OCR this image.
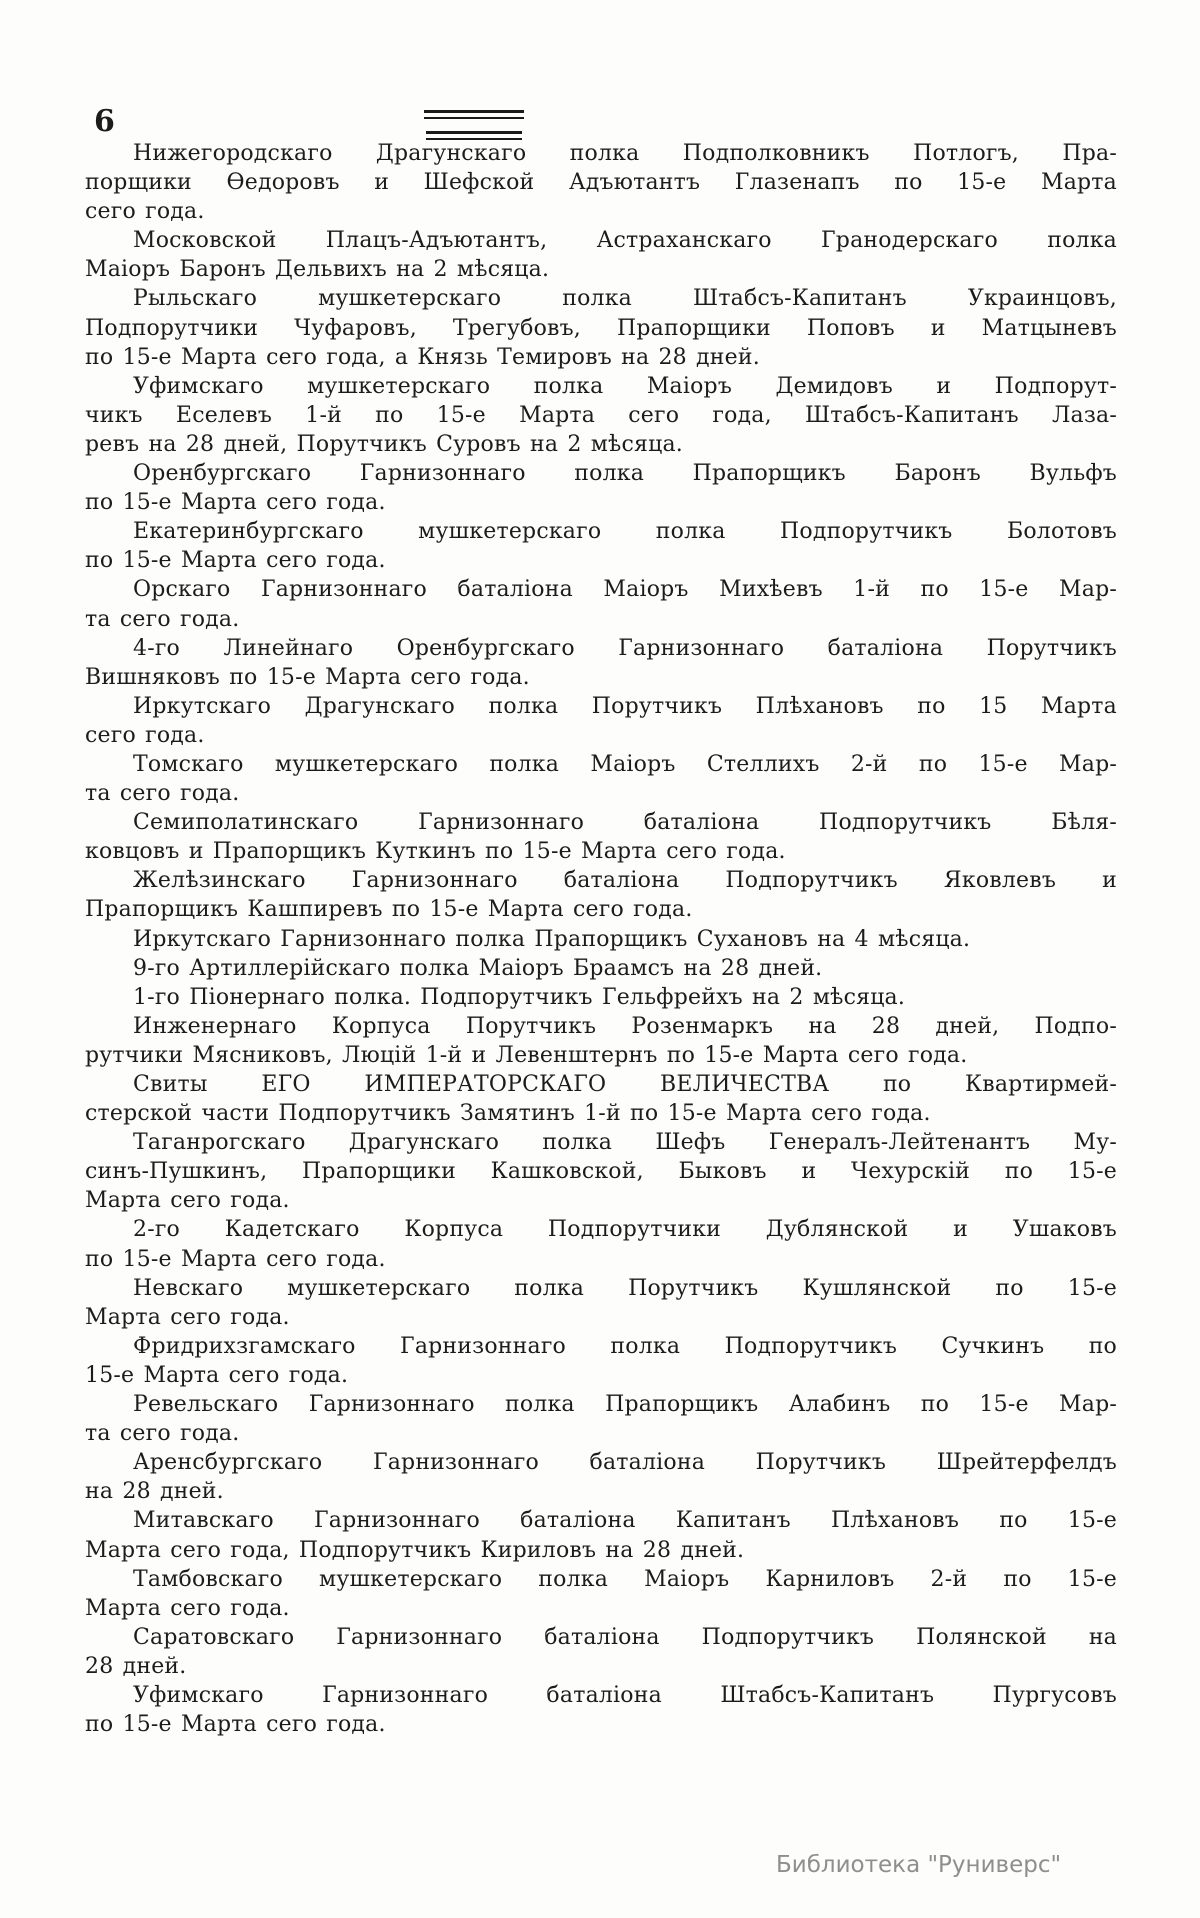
6
Нижегородскаго Драгунскаго полка Подполковникъ Потлогъ, Пра-
порщики Ѳедоровъ и Шефской Адъютантъ Глазенапъ по 15-е Марта
сего года.
Московской Плацъ-Адъютантъ, Астраханскаго Гранодерскаго полка
Маіоръ Баронъ Дельвихъ на 2 мѣсяца.
Рыльскаго мушкетерскаго полка Штабсъ-Капитанъ Украинцовъ,
Подпорутчики Чуфаровъ, Трегубовъ, Прапорщики Поповъ и Матцыневъ
по 15-е Марта сего года, а Князь Темировъ на 28 дней.
Уфимскаго мушкетерскаго полка Маіоръ Демидовъ и Подпорут-
чикъ Еселевъ 1-й по 15-е Марта сего года, Штабсъ-Капитанъ Лаза-
ревъ на 28 дней, Порутчикъ Суровъ на 2 мѣсяца.
Оренбургскаго Гарнизоннаго полка Прапорщикъ Баронъ Вульфъ
по 15-е Марта сего года.
Екатеринбургскаго мушкетерскаго полка Подпорутчикъ Болотовъ
по 15-е Марта сего года.
Орскаго Гарнизоннаго баталіона Маіоръ Михѣевъ 1-й по 15-е Мар-
та сего года.
4-го Линейнаго Оренбургскаго Гарнизоннаго баталіона Порутчикъ
Вишняковъ по 15-е Марта сего года.
Иркутскаго Драгунскаго полка Порутчикъ Плѣхановъ по 15 Марта
сего года.
Томскаго мушкетерскаго полка Маіоръ Стеллихъ 2-й по 15-е Мар-
та сего года.
Семиполатинскаго Гарнизоннаго баталіона Подпорутчикъ Бѣля-
ковцовъ и Прапорщикъ Куткинъ по 15-е Марта сего года.
Желѣзинскаго Гарнизоннаго баталіона Подпорутчикъ Яковлевъ и
Прапорщикъ Кашпиревъ по 15-е Марта сего года.
Иркутскаго Гарнизоннаго полка Прапорщикъ Сухановъ на 4 мѣсяца.
9-го Артиллерійскаго полка Маіоръ Браамсъ на 28 дней.
1-го Піонернаго полка. Подпорутчикъ Гельфрейхъ на 2 мѣсяца.
Инженернаго Корпуса Порутчикъ Розенмаркъ на 28 дней, Подпо-
рутчики Мясниковъ, Люцій 1-й и Левенштернъ по 15-е Марта сего года.
Свиты ЕГО ИМПЕРАТОРСКАГО ВЕЛИЧЕСТВА по Квартирмей-
стерской части Подпорутчикъ Замятинъ 1-й по 15-е Марта сего года.
Таганрогскаго Драгунскаго полка Шефъ Генералъ-Лейтенантъ Му-
синъ-Пушкинъ, Прапорщики Кашковской, Быковъ и Чехурскій по 15-е
Марта сего года.
2-го Кадетскаго Корпуса Подпорутчики Дублянской и Ушаковъ
по 15-е Марта сего года.
Невскаго мушкетерскаго полка Порутчикъ Кушлянской по 15-е
Марта сего года.
Фридрихзгамскаго Гарнизоннаго полка Подпорутчикъ Сучкинъ по
15-е Марта сего года.
Ревельскаго Гарнизоннаго полка Прапорщикъ Алабинъ по 15-е Мар-
та сего года.
Аренсбургскаго Гарнизоннаго баталіона Порутчикъ Шрейтерфелдъ
на 28 дней.
Митавскаго Гарнизоннаго баталіона Капитанъ Плѣхановъ по 15-е
Марта сего года, Подпорутчикъ Кириловъ на 28 дней.
Тамбовскаго мушкетерскаго полка Маіоръ Карниловъ 2-й по 15-е
Марта сего года.
Саратовскаго Гарнизоннаго баталіона Подпорутчикъ Полянской на
28 дней.
Уфимскаго Гарнизоннаго баталіона Штабсъ-Капитанъ Пургусовъ
по 15-е Марта сего года.
Библиотека "Руниверс"
